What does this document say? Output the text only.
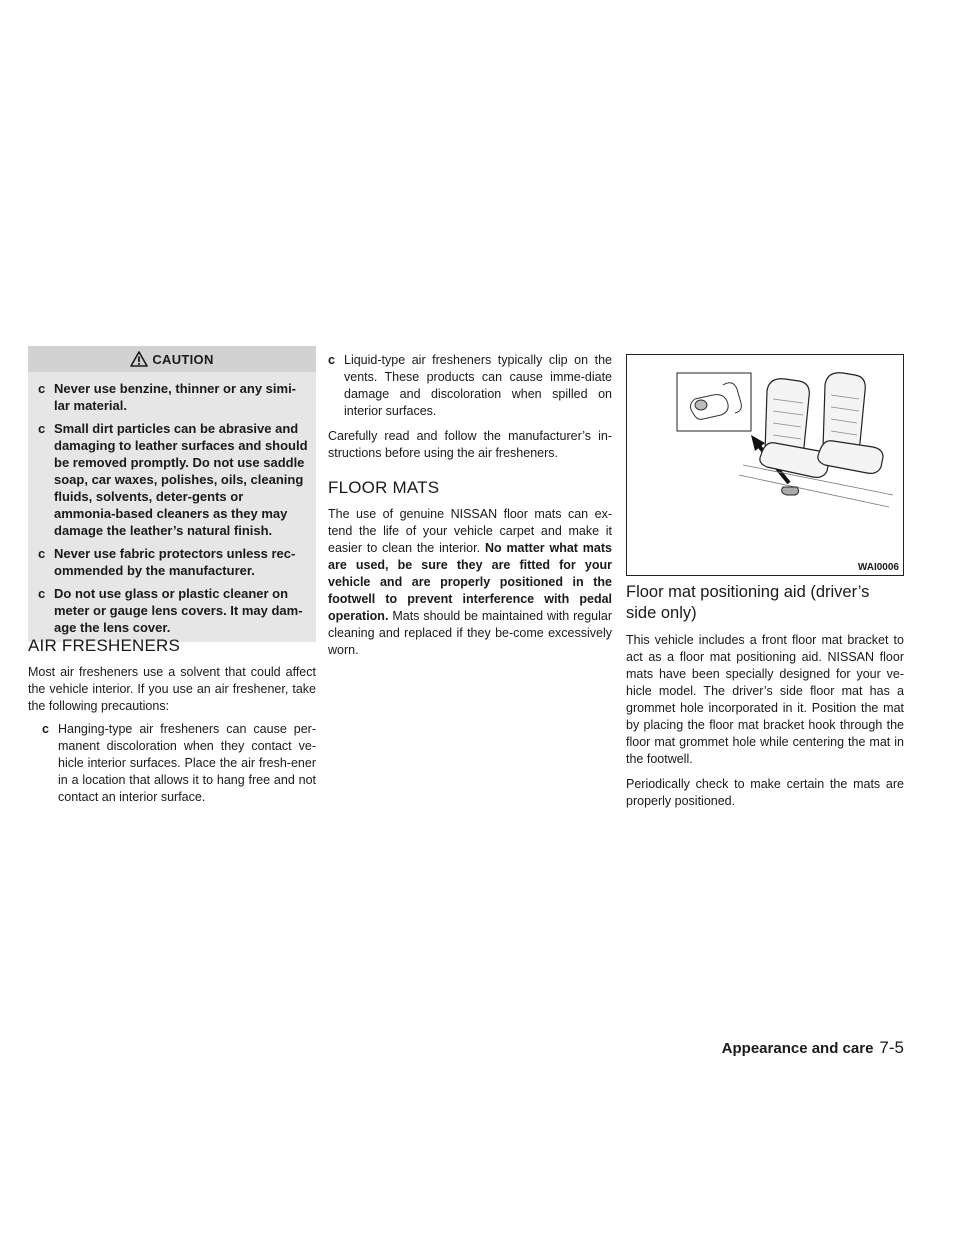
CAUTION
c Never use benzine, thinner or any simi-lar material.
c Small dirt particles can be abrasive and damaging to leather surfaces and should be removed promptly. Do not use saddle soap, car waxes, polishes, oils, cleaning fluids, solvents, deter-gents or ammonia-based cleaners as they may damage the leather’s natural finish.
c Never use fabric protectors unless rec-ommended by the manufacturer.
c Do not use glass or plastic cleaner on meter or gauge lens covers. It may dam-age the lens cover.
AIR FRESHENERS

Most air fresheners use a solvent that could affect the vehicle interior. If you use an air freshener, take the following precautions:

c Hanging-type air fresheners can cause per-manent discoloration when they contact ve-hicle interior surfaces. Place the air fresh-ener in a location that allows it to hang free and not contact an interior surface.
c Liquid-type air fresheners typically clip on the vents. These products can cause imme-diate damage and discoloration when spilled on interior surfaces.

Carefully read and follow the manufacturer’s in-structions before using the air fresheners.

FLOOR MATS

The use of genuine NISSAN floor mats can ex-tend the life of your vehicle carpet and make it easier to clean the interior. No matter what mats are used, be sure they are fitted for your vehicle and are properly positioned in the footwell to prevent interference with pedal operation. Mats should be maintained with regular cleaning and replaced if they be-come excessively worn.

WAI0006
Floor mat positioning aid (driver’s side only)

This vehicle includes a front floor mat bracket to act as a floor mat positioning aid. NISSAN floor mats have been specially designed for your ve-hicle model. The driver’s side floor mat has a grommet hole incorporated in it. Position the mat by placing the floor mat bracket hook through the floor mat grommet hole while centering the mat in the footwell.

Periodically check to make certain the mats are properly positioned.

Appearance and care 7-5
